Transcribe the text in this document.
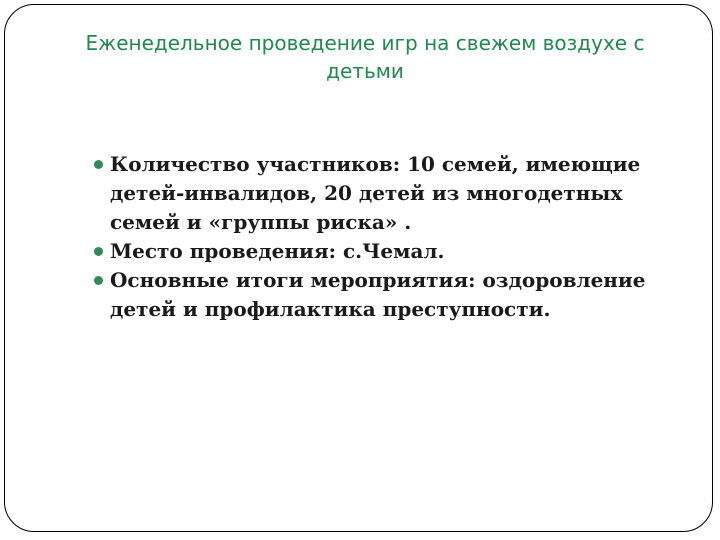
Еженедельное проведение игр на свежем воздухе с
детьми
Количество участников: 10 семей, имеющие
детей-инвалидов, 20 детей из многодетных
семей и «группы риска» .
Место проведения: с.Чемал.
Основные итоги мероприятия: оздоровление
детей и профилактика преступности.
